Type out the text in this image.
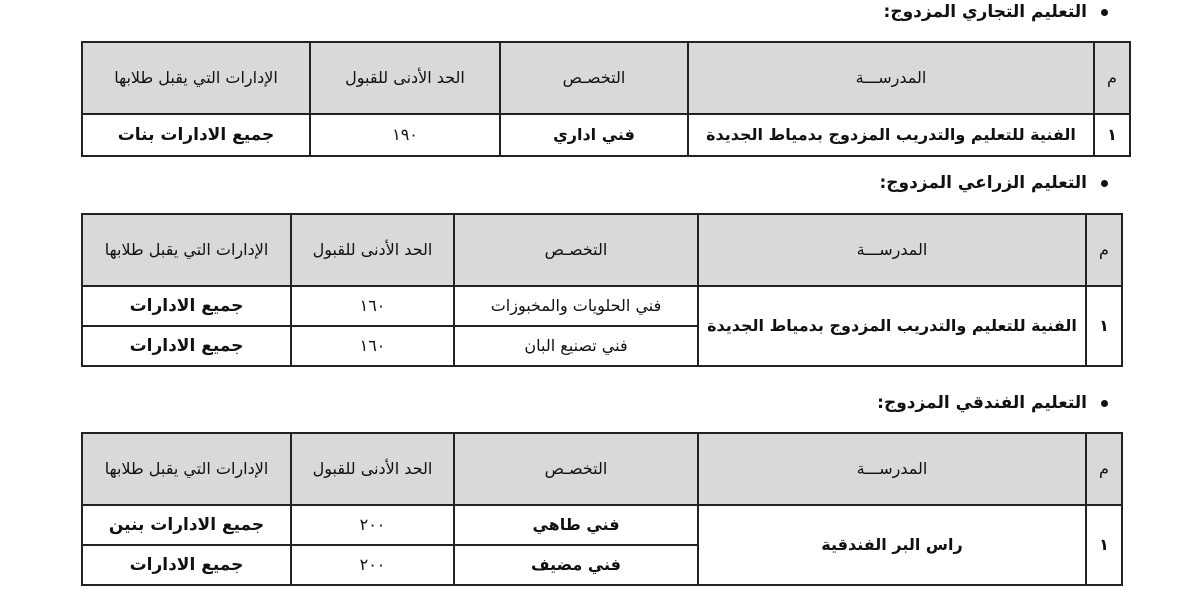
التعليم التجاري المزدوج:
م	المدرســـة	التخصـص	الحد الأدنى للقبول	الإدارات التي يقبل طلابها
١	الفنية للتعليم والتدريب المزدوج بدمياط الجديدة	فني اداري	١٩٠	جميع الادارات بنات
التعليم الزراعي المزدوج:
م	المدرســـة	التخصـص	الحد الأدنى للقبول	الإدارات التي يقبل طلابها
١	الفنية للتعليم والتدريب المزدوج بدمياط الجديدة	فني الحلويات والمخبوزات	١٦٠	جميع الادارات
		فني تصنيع البان	١٦٠	جميع الادارات
التعليم الفندقي المزدوج:
م	المدرســـة	التخصـص	الحد الأدنى للقبول	الإدارات التي يقبل طلابها
١	راس البر الفندقية	فني طاهي	٢٠٠	جميع الادارات بنين
		فني مضيف	٢٠٠	جميع الادارات
